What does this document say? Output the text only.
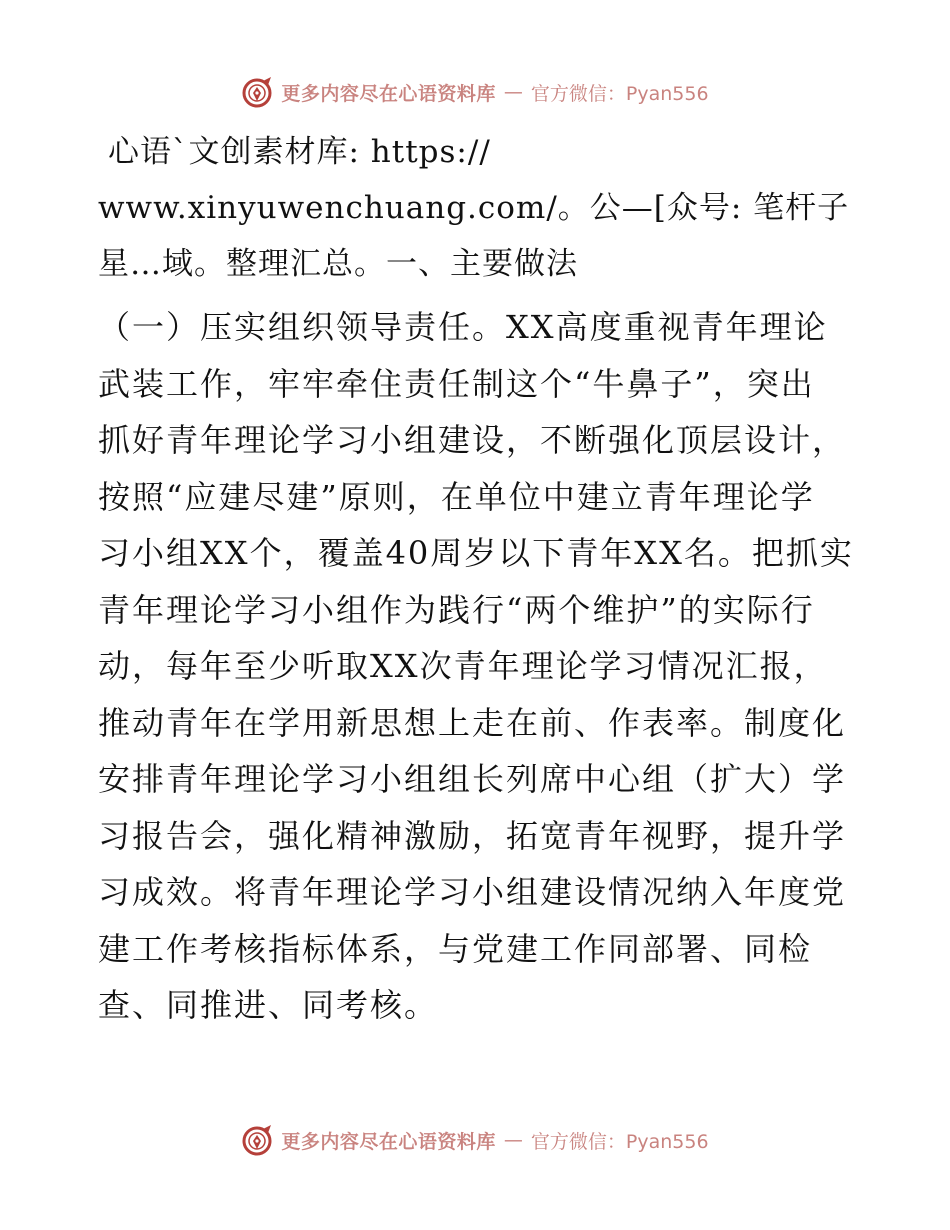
更多内容尽在心语资料库 — 官方微信：Pyan556
心语`文创素材库: https://
www.xinyuwenchuang.com/。公—[众号: 笔杆子
星…域。整理汇总。一、主要做法
（一）压实组织领导责任。XX高度重视青年理论
武装工作，牢牢牵住责任制这个“牛鼻子”，突出
抓好青年理论学习小组建设，不断强化顶层设计，
按照“应建尽建”原则，在单位中建立青年理论学
习小组XX个，覆盖40周岁以下青年XX名。把抓实
青年理论学习小组作为践行“两个维护”的实际行
动，每年至少听取XX次青年理论学习情况汇报，
推动青年在学用新思想上走在前、作表率。制度化
安排青年理论学习小组组长列席中心组（扩大）学
习报告会，强化精神激励，拓宽青年视野，提升学
习成效。将青年理论学习小组建设情况纳入年度党
建工作考核指标体系，与党建工作同部署、同检
查、同推进、同考核。
更多内容尽在心语资料库 — 官方微信：Pyan556
